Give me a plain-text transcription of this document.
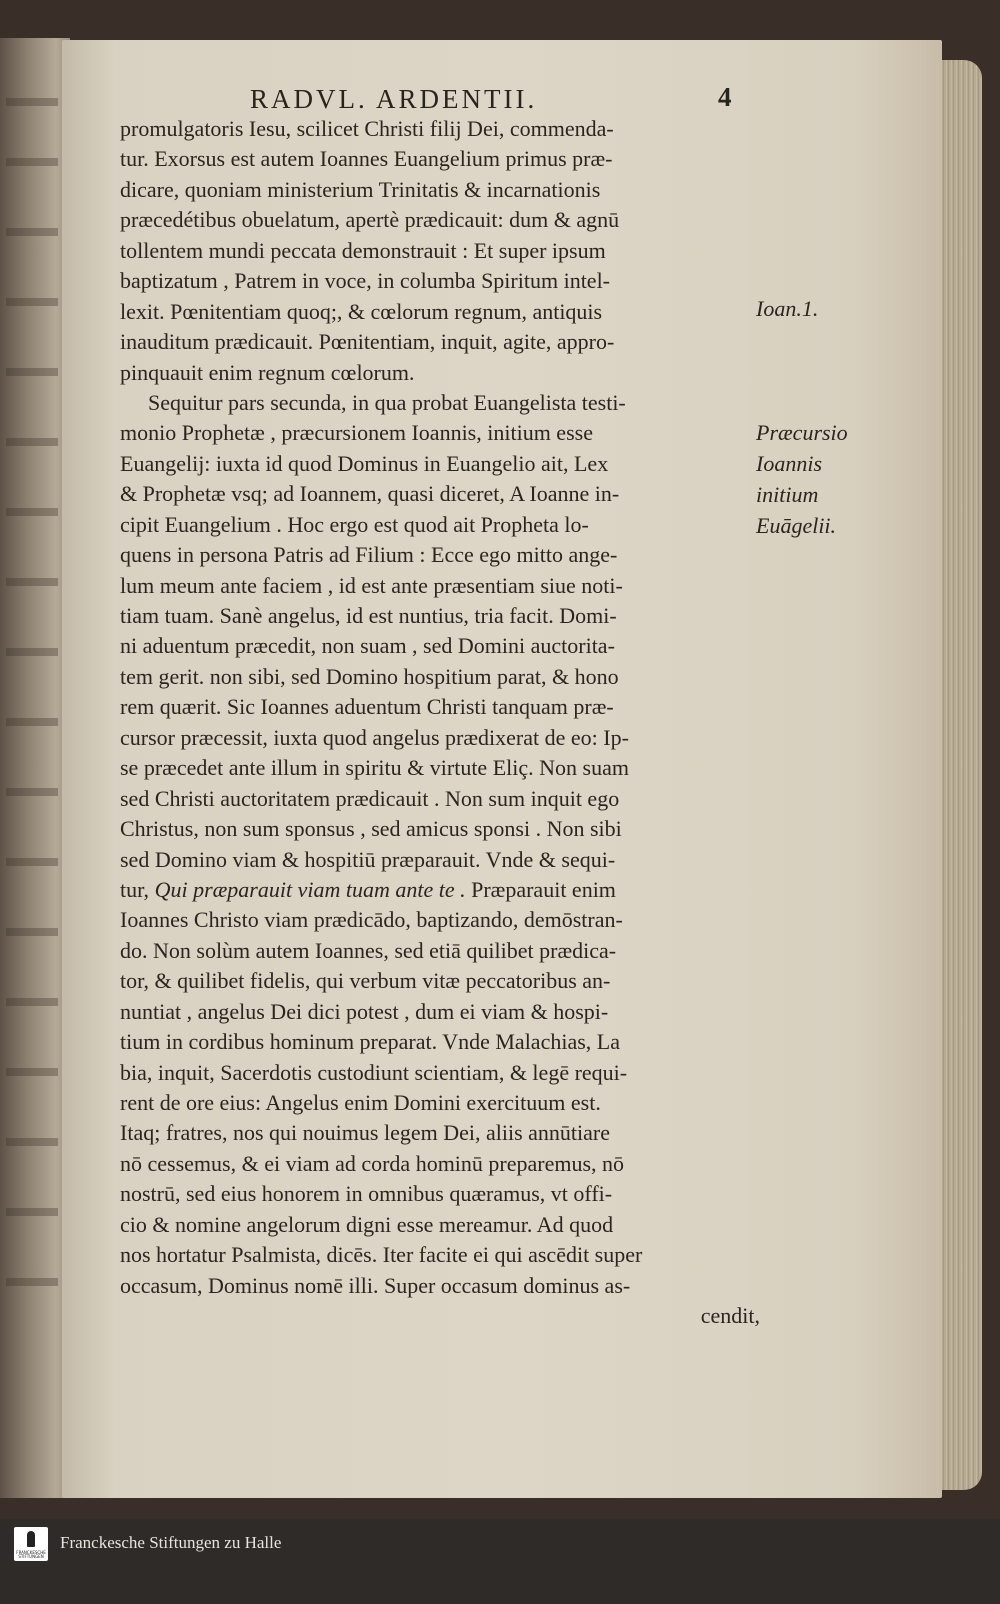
RADVL. ARDENTII.	4
promulgatoris Iesu, scilicet Christi filij Dei, commenda-
tur. Exorsus est autem Ioannes Euangelium primus præ-
dicare, quoniam ministerium Trinitatis & incarnationis
præcedétibus obuelatum, apertè prædicauit: dum & agnū
tollentem mundi peccata demonstrauit : Et super ipsum
baptizatum , Patrem in voce, in columba Spiritum intel-
lexit. Pœnitentiam quoq;, & cœlorum regnum, antiquis
inauditum prædicauit. Pœnitentiam, inquit, agite, appro-
pinquauit enim regnum cœlorum.
Sequitur pars secunda, in qua probat Euangelista testi-
monio Prophetæ , præcursionem Ioannis, initium esse
Euangelij: iuxta id quod Dominus in Euangelio ait, Lex
& Prophetæ vsq; ad Ioannem, quasi diceret, A Ioanne in-
cipit Euangelium . Hoc ergo est quod ait Propheta lo-
quens in persona Patris ad Filium : Ecce ego mitto ange-
lum meum ante faciem , id est ante præsentiam siue noti-
tiam tuam. Sanè angelus, id est nuntius, tria facit. Domi-
ni aduentum præcedit, non suam , sed Domini auctorita-
tem gerit. non sibi, sed Domino hospitium parat, & hono
rem quærit. Sic Ioannes aduentum Christi tanquam præ-
cursor præcessit, iuxta quod angelus prædixerat de eo: Ip-
se præcedet ante illum in spiritu & virtute Eliç. Non suam
sed Christi auctoritatem prædicauit . Non sum inquit ego
Christus, non sum sponsus , sed amicus sponsi . Non sibi
sed Domino viam & hospitiū præparauit. Vnde & sequi-
tur, Qui præparauit viam tuam ante te . Præparauit enim
Ioannes Christo viam prædicādo, baptizando, demōstran-
do. Non solùm autem Ioannes, sed etiā quilibet prædica-
tor, & quilibet fidelis, qui verbum vitæ peccatoribus an-
nuntiat , angelus Dei dici potest , dum ei viam & hospi-
tium in cordibus hominum preparat. Vnde Malachias, La
bia, inquit, Sacerdotis custodiunt scientiam, & legē requi-
rent de ore eius: Angelus enim Domini exercituum est.
Itaq; fratres, nos qui nouimus legem Dei, aliis annūtiare
nō cessemus, & ei viam ad corda hominū preparemus, nō
nostrū, sed eius honorem in omnibus quæramus, vt offi-
cio & nomine angelorum digni esse mereamur. Ad quod
nos hortatur Psalmista, dicēs. Iter facite ei qui ascēdit super
occasum, Dominus nomē illi. Super occasum dominus as-
cendit,
Ioan.1.
Præcursio
Ioannis
initium
Euāgelii.
FRANCKESCHE STIFTUNGEN
Franckesche Stiftungen zu Halle
